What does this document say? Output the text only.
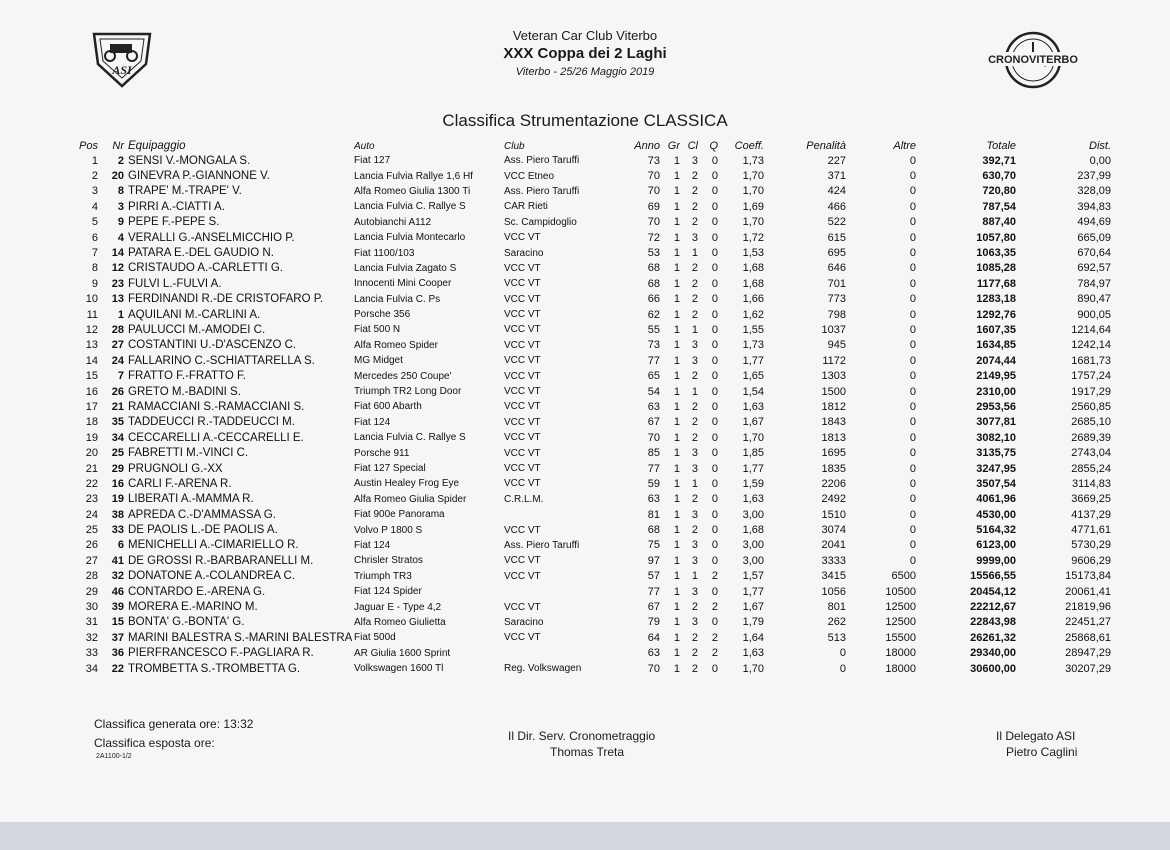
ASI
CRONOVITERBO
Veteran Car Club Viterbo
XXX Coppa dei 2 Laghi
Viterbo - 25/26 Maggio 2019
Classifica Strumentazione CLASSICA
Pos	Nr	Equipaggio	Auto	Club	Anno	Gr	Cl	Q	Coeff.	Penalità	Altre	Totale	Dist.
1	2	SENSI V.-MONGALA S.	Fiat 127	Ass. Piero Taruffi	73	1	3	0	1,73	227	0	392,71	0,00
2	20	GINEVRA P.-GIANNONE V.	Lancia Fulvia Rallye 1,6 Hf	VCC Etneo	70	1	2	0	1,70	371	0	630,70	237,99
3	8	TRAPE' M.-TRAPE' V.	Alfa Romeo Giulia 1300 Ti	Ass. Piero Taruffi	70	1	2	0	1,70	424	0	720,80	328,09
4	3	PIRRI A.-CIATTI A.	Lancia Fulvia C. Rallye S	CAR Rieti	69	1	2	0	1,69	466	0	787,54	394,83
5	9	PEPE F.-PEPE S.	Autobianchi A112	Sc. Campidoglio	70	1	2	0	1,70	522	0	887,40	494,69
6	4	VERALLI G.-ANSELMICCHIO P.	Lancia Fulvia Montecarlo	VCC VT	72	1	3	0	1,72	615	0	1057,80	665,09
7	14	PATARA E.-DEL GAUDIO N.	Fiat 1100/103	Saracino	53	1	1	0	1,53	695	0	1063,35	670,64
8	12	CRISTAUDO A.-CARLETTI G.	Lancia Fulvia Zagato S	VCC VT	68	1	2	0	1,68	646	0	1085,28	692,57
9	23	FULVI L.-FULVI A.	Innocenti Mini Cooper	VCC VT	68	1	2	0	1,68	701	0	1177,68	784,97
10	13	FERDINANDI R.-DE CRISTOFARO P.	Lancia Fulvia C. Ps	VCC VT	66	1	2	0	1,66	773	0	1283,18	890,47
11	1	AQUILANI M.-CARLINI A.	Porsche 356	VCC VT	62	1	2	0	1,62	798	0	1292,76	900,05
12	28	PAULUCCI M.-AMODEI C.	Fiat 500 N	VCC VT	55	1	1	0	1,55	1037	0	1607,35	1214,64
13	27	COSTANTINI U.-D'ASCENZO C.	Alfa Romeo Spider	VCC VT	73	1	3	0	1,73	945	0	1634,85	1242,14
14	24	FALLARINO C.-SCHIATTARELLA S.	MG Midget	VCC VT	77	1	3	0	1,77	1172	0	2074,44	1681,73
15	7	FRATTO F.-FRATTO F.	Mercedes 250 Coupe'	VCC VT	65	1	2	0	1,65	1303	0	2149,95	1757,24
16	26	GRETO M.-BADINI S.	Triumph TR2 Long Door	VCC VT	54	1	1	0	1,54	1500	0	2310,00	1917,29
17	21	RAMACCIANI S.-RAMACCIANI S.	Fiat 600 Abarth	VCC VT	63	1	2	0	1,63	1812	0	2953,56	2560,85
18	35	TADDEUCCI R.-TADDEUCCI M.	Fiat 124	VCC VT	67	1	2	0	1,67	1843	0	3077,81	2685,10
19	34	CECCARELLI A.-CECCARELLI E.	Lancia Fulvia C. Rallye S	VCC VT	70	1	2	0	1,70	1813	0	3082,10	2689,39
20	25	FABRETTI M.-VINCI C.	Porsche 911	VCC VT	85	1	3	0	1,85	1695	0	3135,75	2743,04
21	29	PRUGNOLI G.-XX	Fiat 127 Special	VCC VT	77	1	3	0	1,77	1835	0	3247,95	2855,24
22	16	CARLI F.-ARENA R.	Austin Healey Frog Eye	VCC VT	59	1	1	0	1,59	2206	0	3507,54	3114,83
23	19	LIBERATI A.-MAMMA R.	Alfa Romeo Giulia Spider	C.R.L.M.	63	1	2	0	1,63	2492	0	4061,96	3669,25
24	38	APREDA C.-D'AMMASSA G.	Fiat 900e Panorama		81	1	3	0	3,00	1510	0	4530,00	4137,29
25	33	DE PAOLIS L.-DE PAOLIS A.	Volvo P 1800 S	VCC VT	68	1	2	0	1,68	3074	0	5164,32	4771,61
26	6	MENICHELLI A.-CIMARIELLO R.	Fiat 124	Ass. Piero Taruffi	75	1	3	0	3,00	2041	0	6123,00	5730,29
27	41	DE GROSSI R.-BARBARANELLI M.	Chrisler Stratos	VCC VT	97	1	3	0	3,00	3333	0	9999,00	9606,29
28	32	DONATONE A.-COLANDREA C.	Triumph TR3	VCC VT	57	1	1	2	1,57	3415	6500	15566,55	15173,84
29	46	CONTARDO E.-ARENA G.	Fiat 124 Spider		77	1	3	0	1,77	1056	10500	20454,12	20061,41
30	39	MORERA E.-MARINO M.	Jaguar E - Type 4,2	VCC VT	67	1	2	2	1,67	801	12500	22212,67	21819,96
31	15	BONTA' G.-BONTA' G.	Alfa Romeo Giulietta	Saracino	79	1	3	0	1,79	262	12500	22843,98	22451,27
32	37	MARINI BALESTRA S.-MARINI BALESTRA	Fiat 500d	VCC VT	64	1	2	2	1,64	513	15500	26261,32	25868,61
33	36	PIERFRANCESCO F.-PAGLIARA R.	AR Giulia 1600 Sprint		63	1	2	2	1,63	0	18000	29340,00	28947,29
34	22	TROMBETTA S.-TROMBETTA G.	Volkswagen 1600 Tl	Reg. Volkswagen	70	1	2	0	1,70	0	18000	30600,00	30207,29
Classifica generata ore: 13:32
Classifica esposta ore:
2A1100-1/2
Il Dir. Serv. Cronometraggio
Thomas Treta
Il Delegato ASI
Pietro Caglini
